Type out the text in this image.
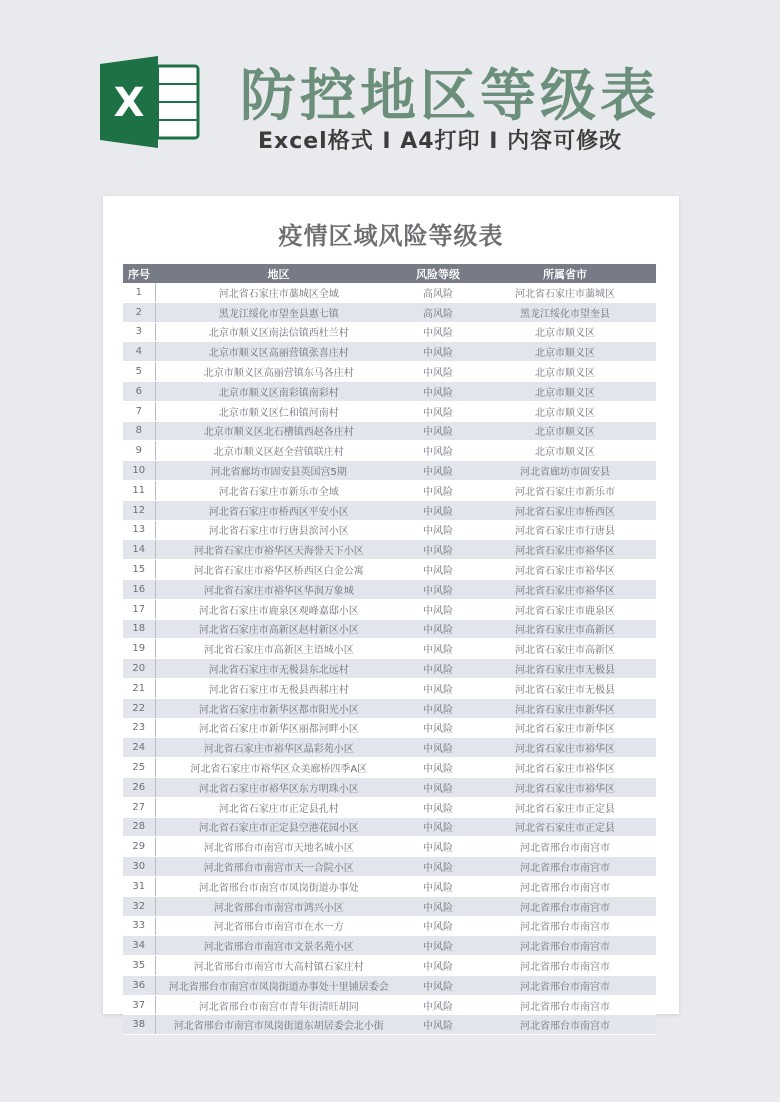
X 防控地区等级表
Excel格式 I A4打印 I 内容可修改
疫情区域风险等级表
序号	地区	风险等级	所属省市
1	河北省石家庄市藁城区全域	高风险	河北省石家庄市藁城区
2	黑龙江绥化市望奎县惠七镇	高风险	黑龙江绥化市望奎县
3	北京市顺义区南法信镇西杜兰村	中风险	北京市顺义区
4	北京市顺义区高丽营镇张喜庄村	中风险	北京市顺义区
5	北京市顺义区高丽营镇东马各庄村	中风险	北京市顺义区
6	北京市顺义区南彩镇南彩村	中风险	北京市顺义区
7	北京市顺义区仁和镇河南村	中风险	北京市顺义区
8	北京市顺义区北石槽镇西赵各庄村	中风险	北京市顺义区
9	北京市顺义区赵全营镇联庄村	中风险	北京市顺义区
10	河北省廊坊市固安县英国宫5期	中风险	河北省廊坊市固安县
11	河北省石家庄市新乐市全域	中风险	河北省石家庄市新乐市
12	河北省石家庄市桥西区平安小区	中风险	河北省石家庄市桥西区
13	河北省石家庄市行唐县滨河小区	中风险	河北省石家庄市行唐县
14	河北省石家庄市裕华区天海誉天下小区	中风险	河北省石家庄市裕华区
15	河北省石家庄市裕华区桥西区白金公寓	中风险	河北省石家庄市裕华区
16	河北省石家庄市裕华区华润万象城	中风险	河北省石家庄市裕华区
17	河北省石家庄市鹿泉区观峰嘉邸小区	中风险	河北省石家庄市鹿泉区
18	河北省石家庄市高新区赵村新区小区	中风险	河北省石家庄市高新区
19	河北省石家庄市高新区主语城小区	中风险	河北省石家庄市高新区
20	河北省石家庄市无极县东北远村	中风险	河北省石家庄市无极县
21	河北省石家庄市无极县西郝庄村	中风险	河北省石家庄市无极县
22	河北省石家庄市新华区都市阳光小区	中风险	河北省石家庄市新华区
23	河北省石家庄市新华区丽都河畔小区	中风险	河北省石家庄市新华区
24	河北省石家庄市裕华区晶彩苑小区	中风险	河北省石家庄市裕华区
25	河北省石家庄市裕华区众美廊桥四季A区	中风险	河北省石家庄市裕华区
26	河北省石家庄市裕华区东方明珠小区	中风险	河北省石家庄市裕华区
27	河北省石家庄市正定县孔村	中风险	河北省石家庄市正定县
28	河北省石家庄市正定县空港花园小区	中风险	河北省石家庄市正定县
29	河北省邢台市南宫市天地名城小区	中风险	河北省邢台市南宫市
30	河北省邢台市南宫市天一合院小区	中风险	河北省邢台市南宫市
31	河北省邢台市南宫市凤岗街道办事处	中风险	河北省邢台市南宫市
32	河北省邢台市南宫市鸿兴小区	中风险	河北省邢台市南宫市
33	河北省邢台市南宫市在水一方	中风险	河北省邢台市南宫市
34	河北省邢台市南宫市文景名苑小区	中风险	河北省邢台市南宫市
35	河北省邢台市南宫市大高村镇石家庄村	中风险	河北省邢台市南宫市
36	河北省邢台市南宫市凤岗街道办事处十里铺居委会	中风险	河北省邢台市南宫市
37	河北省邢台市南宫市青年街清旺胡同	中风险	河北省邢台市南宫市
38	河北省邢台市南宫市凤岗街道东胡居委会北小街	中风险	河北省邢台市南宫市
